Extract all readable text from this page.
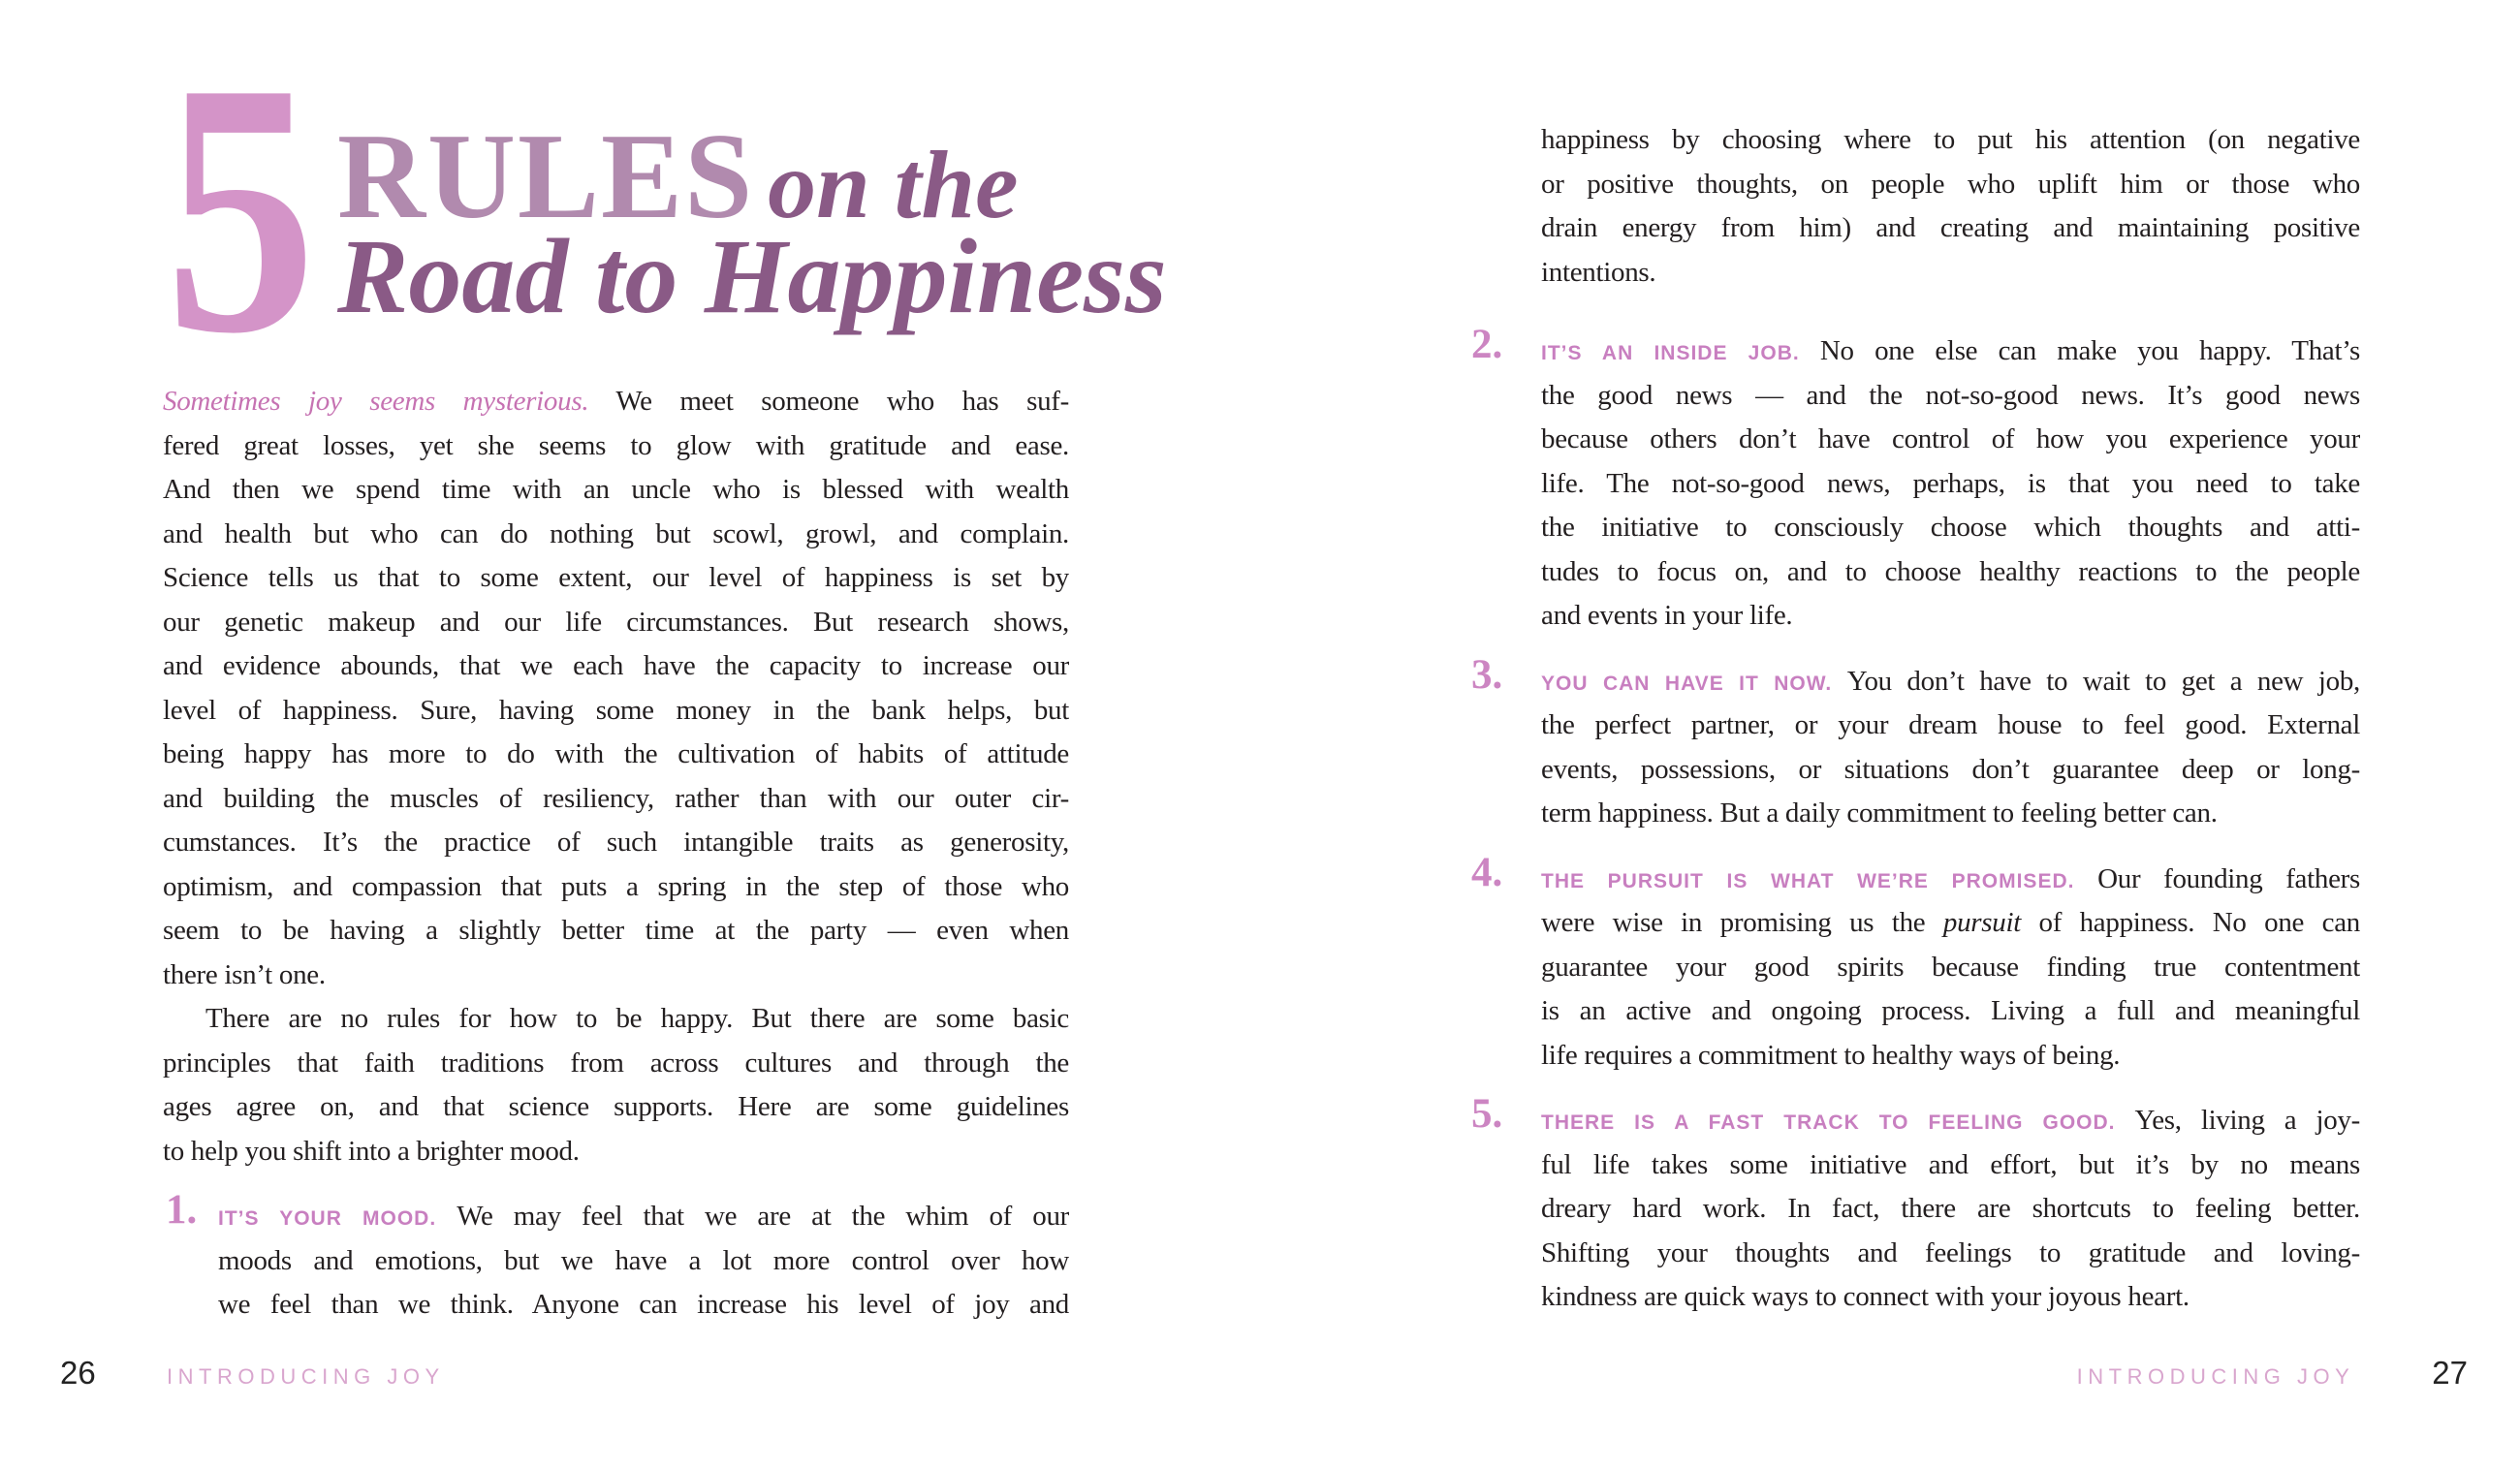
5 RULES on the
Road to Happiness
Sometimes joy seems mysterious. We meet someone who has suf-
fered great losses, yet she seems to glow with gratitude and ease.
And then we spend time with an uncle who is blessed with wealth
and health but who can do nothing but scowl, growl, and complain.
Science tells us that to some extent, our level of happiness is set by
our genetic makeup and our life circumstances. But research shows,
and evidence abounds, that we each have the capacity to increase our
level of happiness. Sure, having some money in the bank helps, but
being happy has more to do with the cultivation of habits of attitude
and building the muscles of resiliency, rather than with our outer cir-
cumstances. It’s the practice of such intangible traits as generosity,
optimism, and compassion that puts a spring in the step of those who
seem to be having a slightly better time at the party — even when
there isn’t one.
There are no rules for how to be happy. But there are some basic
principles that faith traditions from across cultures and through the
ages agree on, and that science supports. Here are some guidelines
to help you shift into a brighter mood.
1. IT’S YOUR MOOD. We may feel that we are at the whim of our
moods and emotions, but we have a lot more control over how
we feel than we think. Anyone can increase his level of joy and
26	INTRODUCING JOY
happiness by choosing where to put his attention (on negative
or positive thoughts, on people who uplift him or those who
drain energy from him) and creating and maintaining positive
intentions.
2. IT’S AN INSIDE JOB. No one else can make you happy. That’s
the good news — and the not-so-good news. It’s good news
because others don’t have control of how you experience your
life. The not-so-good news, perhaps, is that you need to take
the initiative to consciously choose which thoughts and atti-
tudes to focus on, and to choose healthy reactions to the people
and events in your life.
3. YOU CAN HAVE IT NOW. You don’t have to wait to get a new job,
the perfect partner, or your dream house to feel good. External
events, possessions, or situations don’t guarantee deep or long-
term happiness. But a daily commitment to feeling better can.
4. THE PURSUIT IS WHAT WE’RE PROMISED. Our founding fathers
were wise in promising us the pursuit of happiness. No one can
guarantee your good spirits because finding true contentment
is an active and ongoing process. Living a full and meaningful
life requires a commitment to healthy ways of being.
5. THERE IS A FAST TRACK TO FEELING GOOD. Yes, living a joy-
ful life takes some initiative and effort, but it’s by no means
dreary hard work. In fact, there are shortcuts to feeling better.
Shifting your thoughts and feelings to gratitude and loving-
kindness are quick ways to connect with your joyous heart.
INTRODUCING JOY 27
